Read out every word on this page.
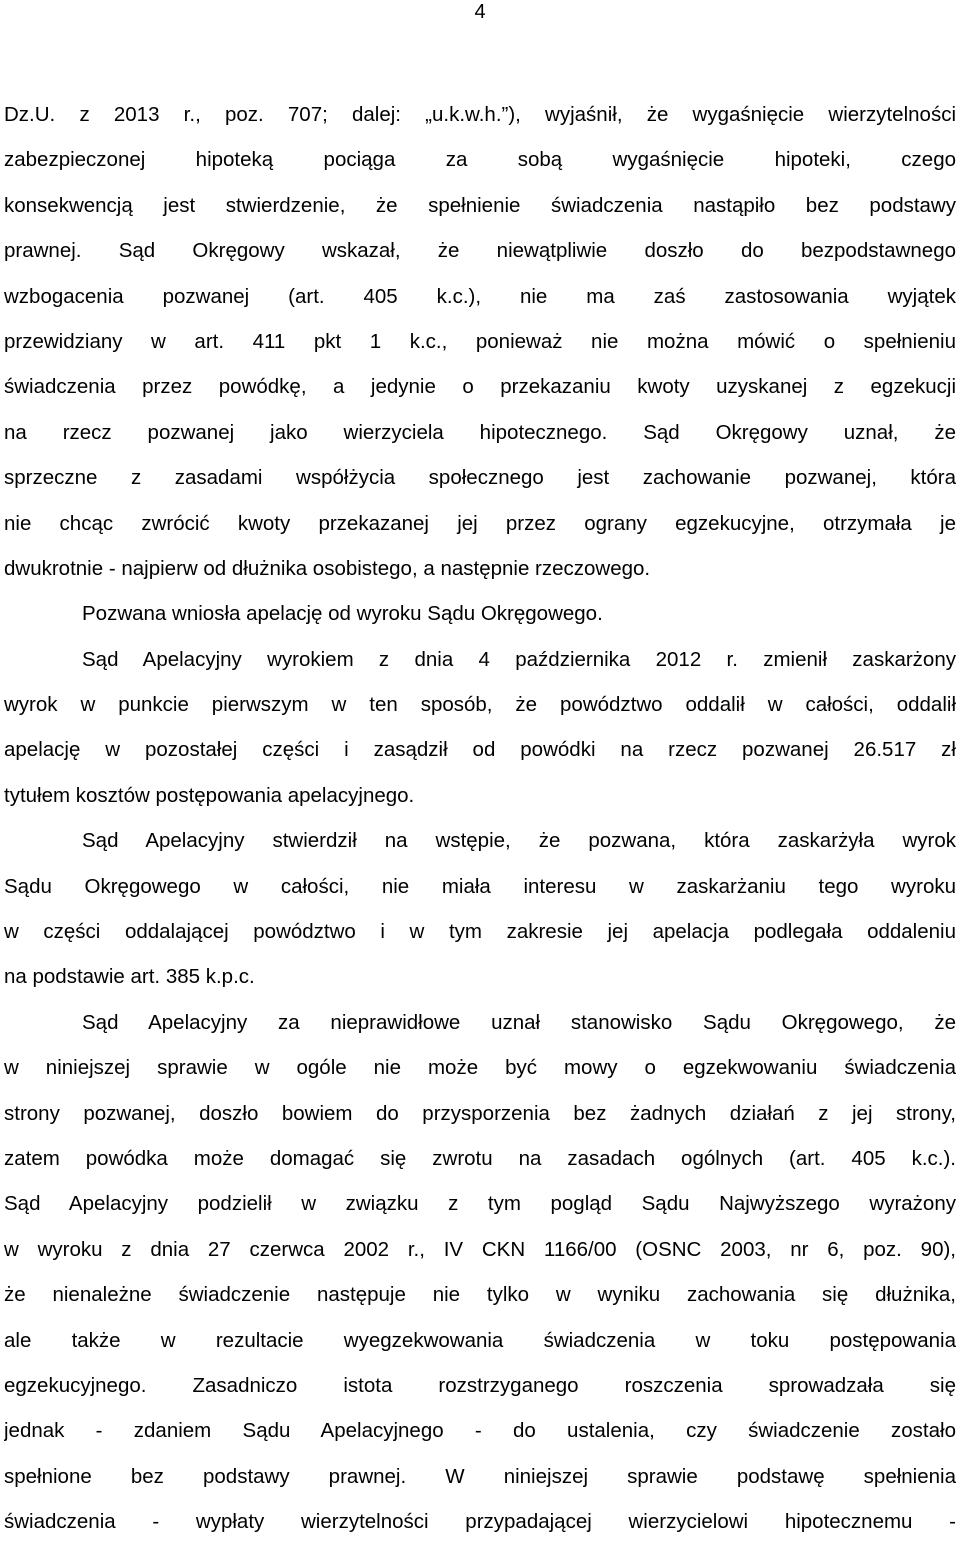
4
Dz.U. z 2013 r., poz. 707; dalej: „u.k.w.h.”), wyjaśnił, że wygaśnięcie wierzytelności
zabezpieczonej hipoteką pociąga za sobą wygaśnięcie hipoteki, czego
konsekwencją jest stwierdzenie, że spełnienie świadczenia nastąpiło bez podstawy
prawnej. Sąd Okręgowy wskazał, że niewątpliwie doszło do bezpodstawnego
wzbogacenia pozwanej (art. 405 k.c.), nie ma zaś zastosowania wyjątek
przewidziany w art. 411 pkt 1 k.c., ponieważ nie można mówić o spełnieniu
świadczenia przez powódkę, a jedynie o przekazaniu kwoty uzyskanej z egzekucji
na rzecz pozwanej jako wierzyciela hipotecznego. Sąd Okręgowy uznał, że
sprzeczne z zasadami współżycia społecznego jest zachowanie pozwanej, która
nie chcąc zwrócić kwoty przekazanej jej przez ograny egzekucyjne, otrzymała je
dwukrotnie - najpierw od dłużnika osobistego, a następnie rzeczowego.
Pozwana wniosła apelację od wyroku Sądu Okręgowego.
Sąd Apelacyjny wyrokiem z dnia 4 października 2012 r. zmienił zaskarżony
wyrok w punkcie pierwszym w ten sposób, że powództwo oddalił w całości, oddalił
apelację w pozostałej części i zasądził od powódki na rzecz pozwanej 26.517 zł
tytułem kosztów postępowania apelacyjnego.
Sąd Apelacyjny stwierdził na wstępie, że pozwana, która zaskarżyła wyrok
Sądu Okręgowego w całości, nie miała interesu w zaskarżaniu tego wyroku
w części oddalającej powództwo i w tym zakresie jej apelacja podlegała oddaleniu
na podstawie art. 385 k.p.c.
Sąd Apelacyjny za nieprawidłowe uznał stanowisko Sądu Okręgowego, że
w niniejszej sprawie w ogóle nie może być mowy o egzekwowaniu świadczenia
strony pozwanej, doszło bowiem do przysporzenia bez żadnych działań z jej strony,
zatem powódka może domagać się zwrotu na zasadach ogólnych (art. 405 k.c.).
Sąd Apelacyjny podzielił w związku z tym pogląd Sądu Najwyższego wyrażony
w wyroku z dnia 27 czerwca 2002 r., IV CKN 1166/00 (OSNC 2003, nr 6, poz. 90),
że nienależne świadczenie następuje nie tylko w wyniku zachowania się dłużnika,
ale także w rezultacie wyegzekwowania świadczenia w toku postępowania
egzekucyjnego. Zasadniczo istota rozstrzyganego roszczenia sprowadzała się
jednak - zdaniem Sądu Apelacyjnego - do ustalenia, czy świadczenie zostało
spełnione bez podstawy prawnej. W niniejszej sprawie podstawę spełnienia
świadczenia - wypłaty wierzytelności przypadającej wierzycielowi hipotecznemu -
